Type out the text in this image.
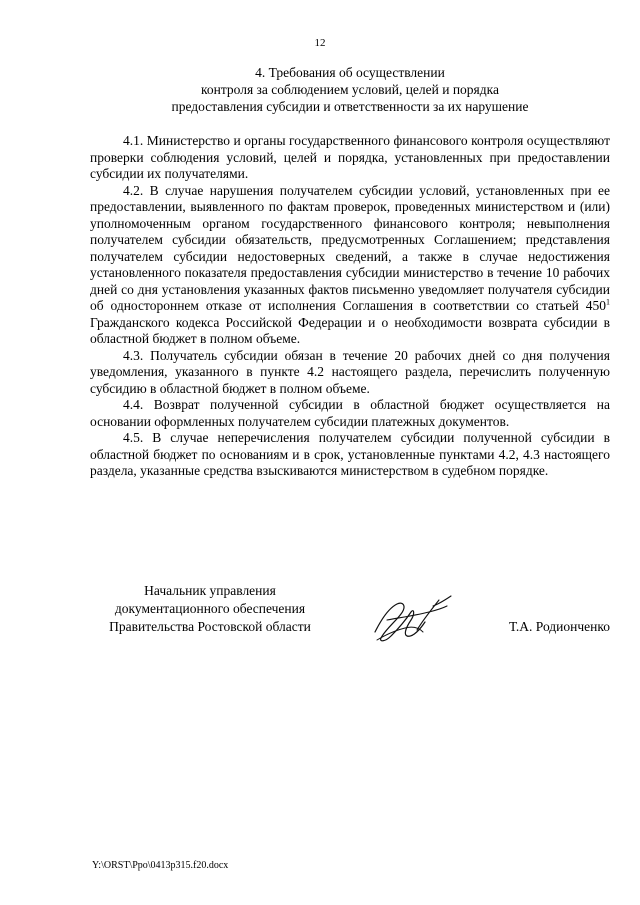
12
4. Требования об осуществлении
контроля за соблюдением условий, целей и порядка
предоставления субсидии и ответственности за их нарушение

4.1. Министерство и органы государственного финансового контроля осуществляют проверки соблюдения условий, целей и порядка, установленных при предоставлении субсидии их получателями.

4.2. В случае нарушения получателем субсидии условий, установленных при ее предоставлении, выявленного по фактам проверок, проведенных министерством и (или) уполномоченным органом государственного финансового контроля; невыполнения получателем субсидии обязательств, предусмотренных Соглашением; представления получателем субсидии недостоверных сведений, а также в случае недостижения установленного показателя предоставления субсидии министерство в течение 10 рабочих дней со дня установления указанных фактов письменно уведомляет получателя субсидии об одностороннем отказе от исполнения Соглашения в соответствии со статьей $450^1$ Гражданского кодекса Российской Федерации и о необходимости возврата субсидии в областной бюджет в полном объеме.

4.3. Получатель субсидии обязан в течение 20 рабочих дней со дня получения уведомления, указанного в пункте 4.2 настоящего раздела, перечислить полученную субсидию в областной бюджет в полном объеме.

4.4. Возврат полученной субсидии в областной бюджет осуществляется на основании оформленных получателем субсидии платежных документов.

4.5. В случае неперечисления получателем субсидии полученной субсидии в областной бюджет по основаниям и в срок, установленные пунктами 4.2, 4.3 настоящего раздела, указанные средства взыскиваются министерством в судебном порядке.

Начальник управления
документационного обеспечения
Правительства Ростовской области	Т.А. Родионченко
Y:\ORST\Ppo\0413p315.f20.docx
